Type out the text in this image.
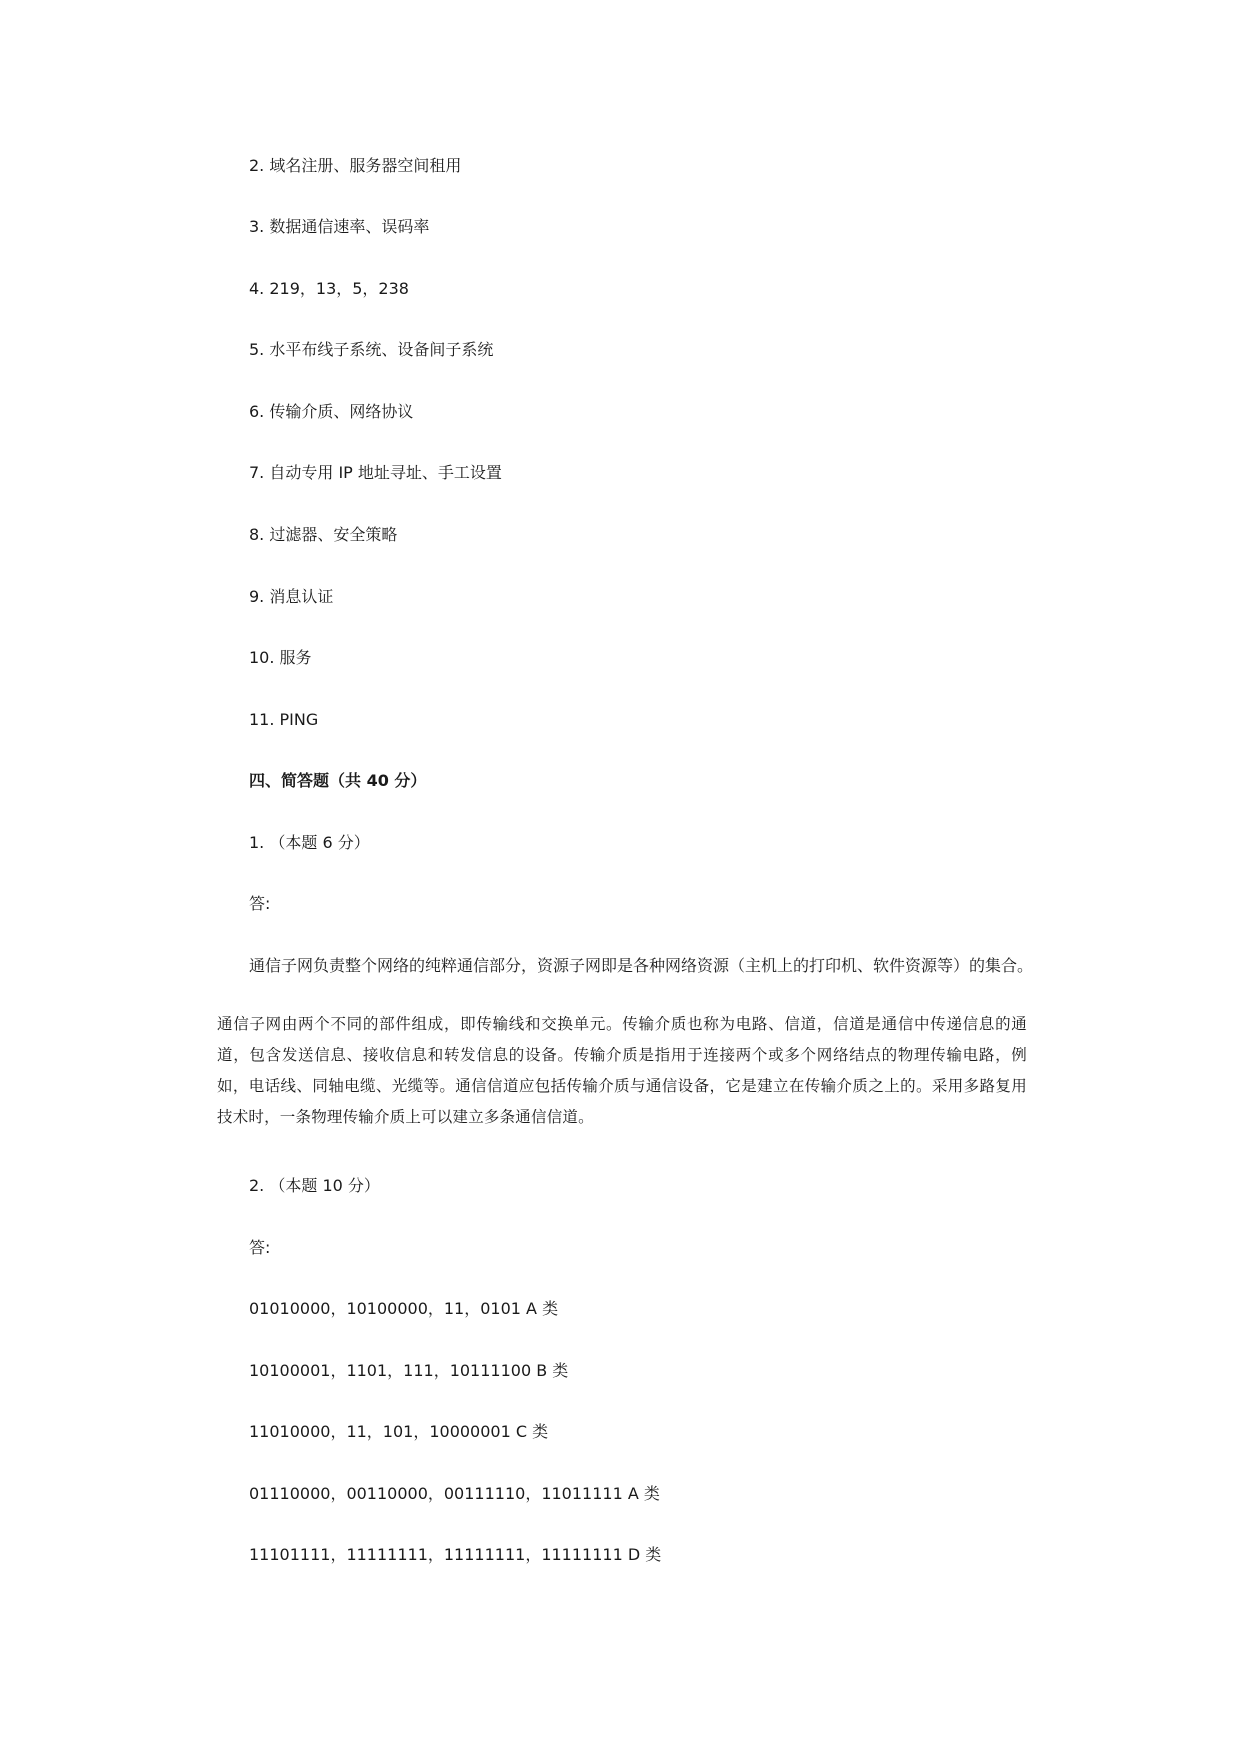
2. 域名注册、服务器空间租用
3. 数据通信速率、误码率
4. 219，13，5，238
5. 水平布线子系统、设备间子系统
6. 传输介质、网络协议
7. 自动专用 IP 地址寻址、手工设置
8. 过滤器、安全策略
9. 消息认证
10. 服务
11. PING
四、简答题（共 40 分）
1. （本题 6 分）
答:
通信子网负责整个网络的纯粹通信部分，资源子网即是各种网络资源（主机上的打印机、软件资源等）的集合。
通信子网由两个不同的部件组成，即传输线和交换单元。传输介质也称为电路、信道，信道是通信中传递信息的通道，包含发送信息、接收信息和转发信息的设备。传输介质是指用于连接两个或多个网络结点的物理传输电路，例如，电话线、同轴电缆、光缆等。通信信道应包括传输介质与通信设备，它是建立在传输介质之上的。采用多路复用技术时，一条物理传输介质上可以建立多条通信信道。
2. （本题 10 分）
答:
01010000，10100000，11，0101 A 类
10100001，1101，111，10111100 B 类
11010000，11，101，10000001 C 类
01110000，00110000，00111110，11011111 A 类
11101111，11111111，11111111，11111111 D 类
